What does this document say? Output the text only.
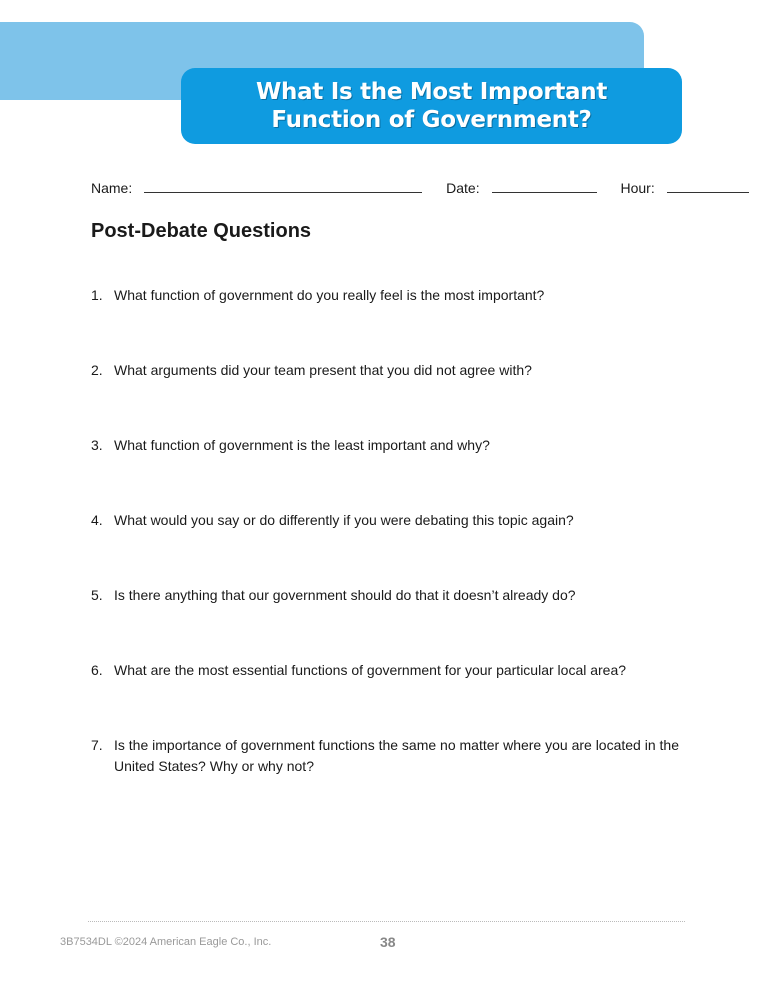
What Is the Most Important
Function of Government?
Name:	Date:	Hour:
Post-Debate Questions
1. What function of government do you really feel is the most important?
2. What arguments did your team present that you did not agree with?
3. What function of government is the least important and why?
4. What would you say or do differently if you were debating this topic again?
5. Is there anything that our government should do that it doesn’t already do?
6. What are the most essential functions of government for your particular local area?
7. Is the importance of government functions the same no matter where you are located in the United States? Why or why not?
3B7534DL ©2024 American Eagle Co., Inc.	38
